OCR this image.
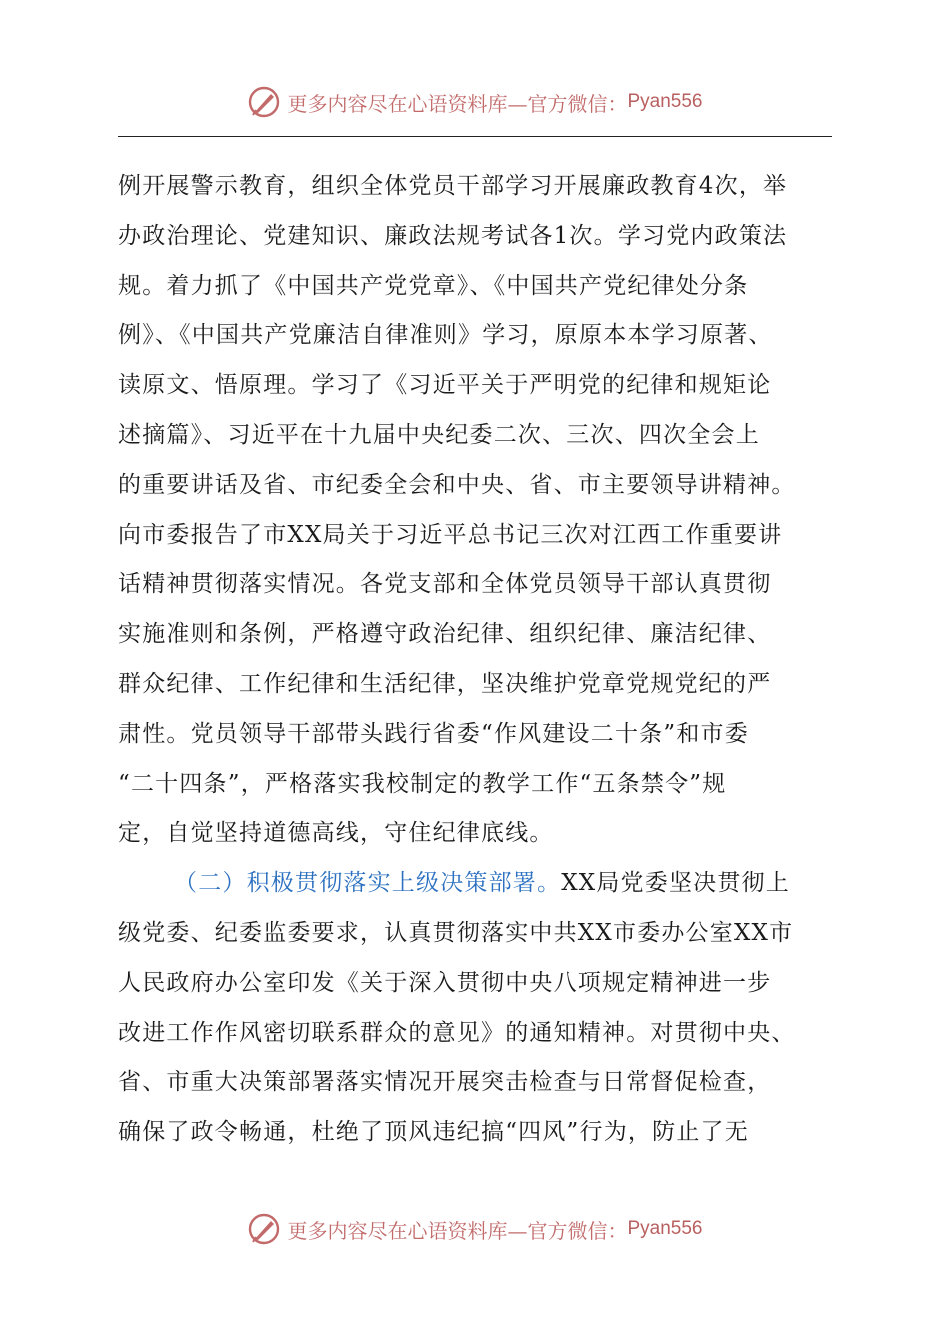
更多内容尽在心语资料库—官方微信： Pyan556
例开展警示教育，组织全体党员干部学习开展廉政教育4次，举
办政治理论、党建知识、廉政法规考试各1次。学习党内政策法
规。着力抓了《中国共产党党章》、《中国共产党纪律处分条
例》、《中国共产党廉洁自律准则》学习，原原本本学习原著、
读原文、悟原理。学习了《习近平关于严明党的纪律和规矩论
述摘篇》、习近平在十九届中央纪委二次、三次、四次全会上
的重要讲话及省、市纪委全会和中央、省、市主要领导讲精神。
向市委报告了市XX局关于习近平总书记三次对江西工作重要讲
话精神贯彻落实情况。各党支部和全体党员领导干部认真贯彻
实施准则和条例，严格遵守政治纪律、组织纪律、廉洁纪律、
群众纪律、工作纪律和生活纪律，坚决维护党章党规党纪的严
肃性。党员领导干部带头践行省委“作风建设二十条”和市委
“二十四条”，严格落实我校制定的教学工作“五条禁令”规
定，自觉坚持道德高线，守住纪律底线。
（二）积极贯彻落实上级决策部署。XX局党委坚决贯彻上
级党委、纪委监委要求，认真贯彻落实中共XX市委办公室XX市
人民政府办公室印发《关于深入贯彻中央八项规定精神进一步
改进工作作风密切联系群众的意见》的通知精神。对贯彻中央、
省、市重大决策部署落实情况开展突击检查与日常督促检查，
确保了政令畅通，杜绝了顶风违纪搞“四风”行为，防止了无
更多内容尽在心语资料库—官方微信： Pyan556
